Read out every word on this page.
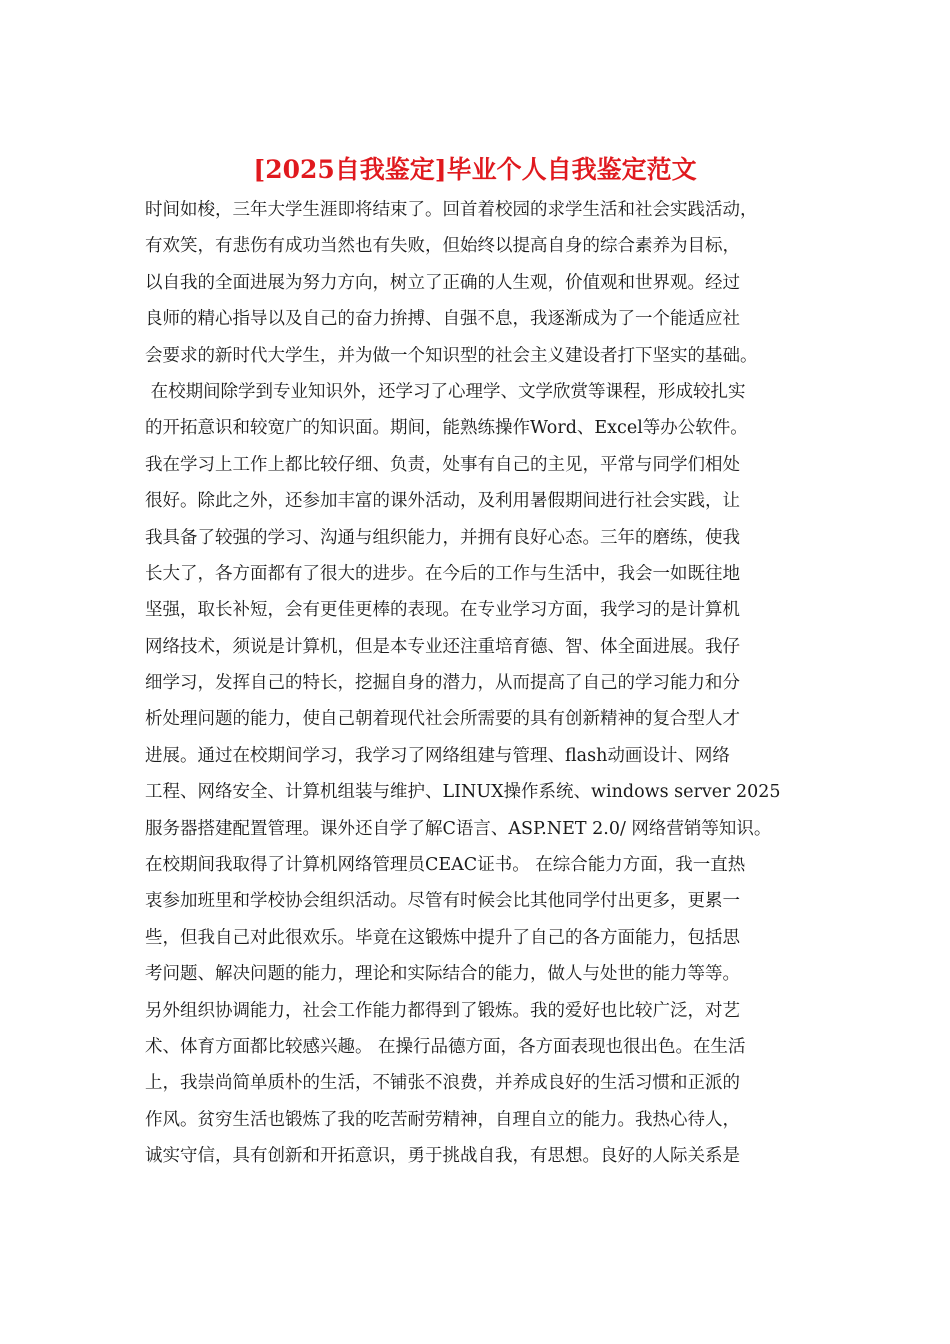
[2025自我鉴定]毕业个人自我鉴定范文
时间如梭，三年大学生涯即将结束了。回首着校园的求学生活和社会实践活动，
有欢笑，有悲伤有成功当然也有失败，但始终以提高自身的综合素养为目标，
以自我的全面进展为努力方向，树立了正确的人生观，价值观和世界观。经过
良师的精心指导以及自己的奋力拚搏、自强不息，我逐渐成为了一个能适应社
会要求的新时代大学生，并为做一个知识型的社会主义建设者打下坚实的基础。
在校期间除学到专业知识外，还学习了心理学、文学欣赏等课程，形成较扎实
的开拓意识和较宽广的知识面。期间，能熟练操作Word、Excel等办公软件。
我在学习上工作上都比较仔细、负责，处事有自己的主见，平常与同学们相处
很好。除此之外，还参加丰富的课外活动，及利用暑假期间进行社会实践，让
我具备了较强的学习、沟通与组织能力，并拥有良好心态。三年的磨练，使我
长大了，各方面都有了很大的进步。在今后的工作与生活中，我会一如既往地
坚强，取长补短，会有更佳更棒的表现。在专业学习方面，我学习的是计算机
网络技术，须说是计算机，但是本专业还注重培育德、智、体全面进展。我仔
细学习，发挥自己的特长，挖掘自身的潜力，从而提高了自己的学习能力和分
析处理问题的能力，使自己朝着现代社会所需要的具有创新精神的复合型人才
进展。通过在校期间学习，我学习了网络组建与管理、flash动画设计、网络
工程、网络安全、计算机组装与维护、LINUX操作系统、windows server 2025
服务器搭建配置管理。课外还自学了解C语言、ASP.NET 2.0/ 网络营销等知识。
在校期间我取得了计算机网络管理员CEAC证书。 在综合能力方面，我一直热
衷参加班里和学校协会组织活动。尽管有时候会比其他同学付出更多，更累一
些，但我自己对此很欢乐。毕竟在这锻炼中提升了自己的各方面能力，包括思
考问题、解决问题的能力，理论和实际结合的能力，做人与处世的能力等等。
另外组织协调能力，社会工作能力都得到了锻炼。我的爱好也比较广泛，对艺
术、体育方面都比较感兴趣。 在操行品德方面，各方面表现也很出色。在生活
上，我崇尚简单质朴的生活，不铺张不浪费，并养成良好的生活习惯和正派的
作风。贫穷生活也锻炼了我的吃苦耐劳精神，自理自立的能力。我热心待人，
诚实守信，具有创新和开拓意识，勇于挑战自我，有思想。良好的人际关系是
